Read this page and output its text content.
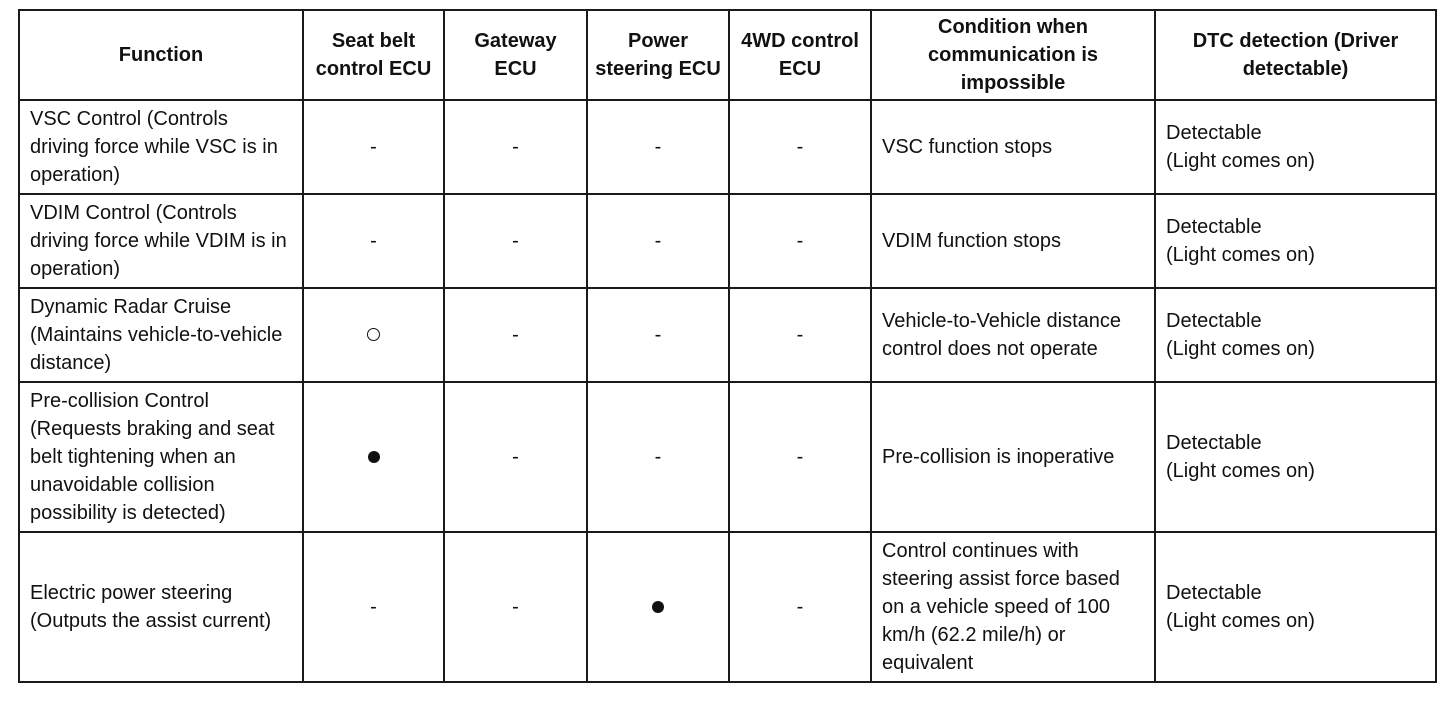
Function	Seat belt control ECU	Gateway ECU	Power steering ECU	4WD control ECU	Condition when communication is impossible	DTC detection (Driver detectable)
VSC Control (Controls driving force while VSC is in operation)	-	-	-	-	VSC function stops	Detectable
(Light comes on)

VDIM Control (Controls driving force while VDIM is in operation)	-	-	-	-	VDIM function stops	Detectable
(Light comes on)

Dynamic Radar Cruise (Maintains vehicle-to-vehicle distance)		-	-	-	Vehicle-to-Vehicle distance control does not operate	Detectable
(Light comes on)

Pre-collision Control (Requests braking and seat belt tightening when an unavoidable collision possibility is detected)		-	-	-	Pre-collision is inoperative	Detectable
(Light comes on)

Electric power steering (Outputs the assist current)	-	-		-	Control continues with steering assist force based on a vehicle speed of 100 km/h (62.2 mile/h) or equivalent	Detectable
(Light comes on)
